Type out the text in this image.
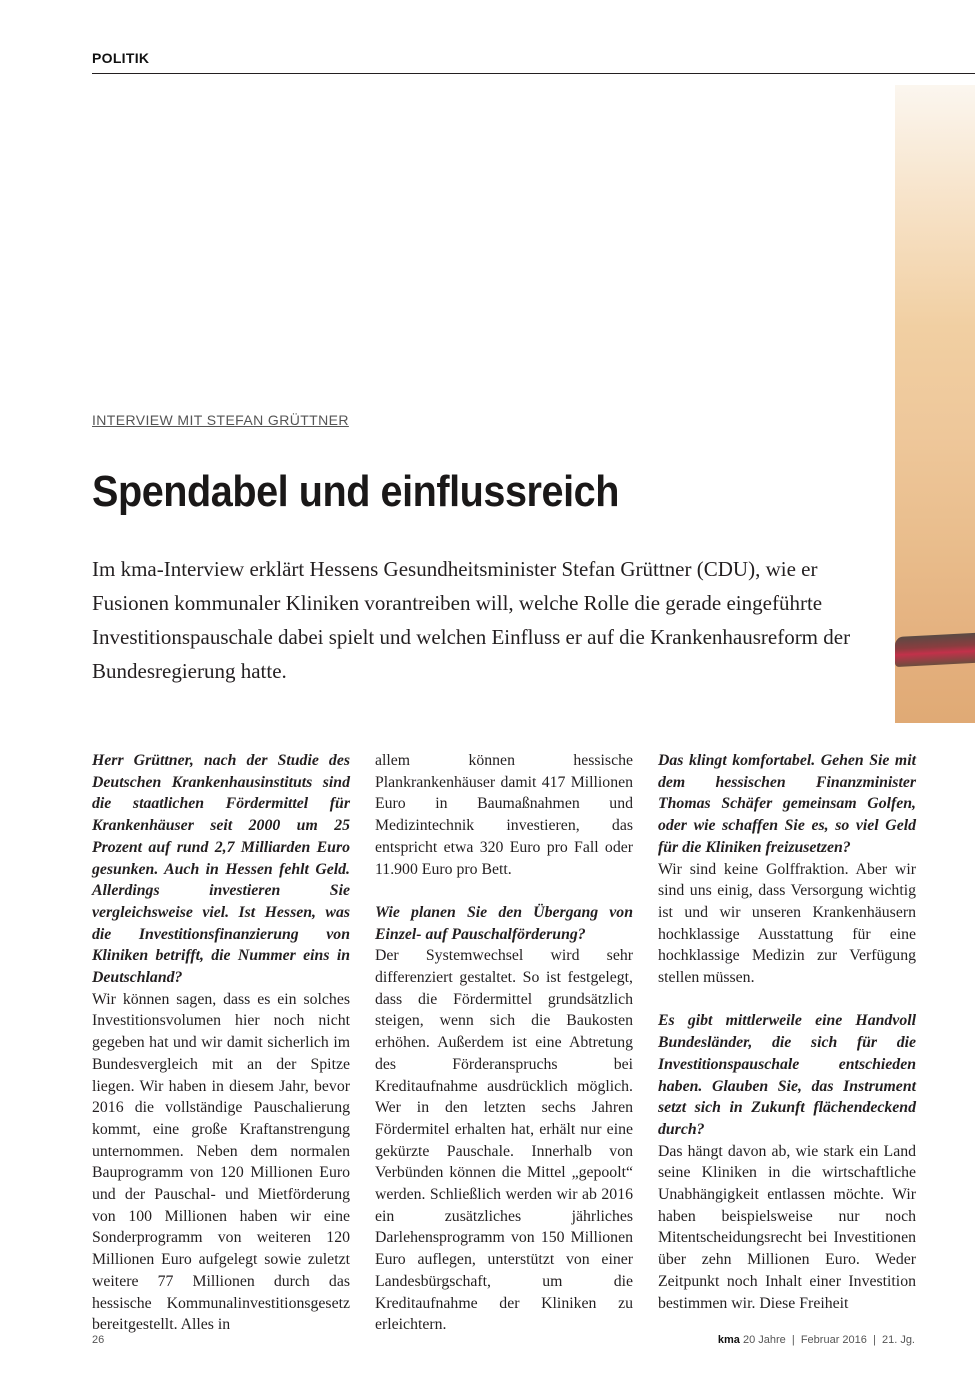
POLITIK
INTERVIEW MIT STEFAN GRÜTTNER
Spendabel und einflussreich

Im kma-Interview erklärt Hessens Gesundheitsminister Stefan Grüttner (CDU), wie er Fusionen kommunaler Kliniken vorantreiben will, welche Rolle die gerade eingeführte Investitionspauschale dabei spielt und welchen Einfluss er auf die Krankenhausreform der Bundesregierung hatte.

Herr Grüttner, nach der Studie des Deutschen Krankenhausinstituts sind die staatlichen Fördermittel für Krankenhäuser seit 2000 um 25 Prozent auf rund 2,7 Milliarden Euro gesunken. Auch in Hessen fehlt Geld. Allerdings investieren Sie vergleichsweise viel. Ist Hessen, was die Investitionsfinanzierung von Kliniken betrifft, die Nummer eins in Deutschland?

Wir können sagen, dass es ein solches Investitionsvolumen hier noch nicht gegeben hat und wir damit sicherlich im Bundesvergleich mit an der Spitze liegen. Wir haben in diesem Jahr, bevor 2016 die vollständige Pauschalierung kommt, eine große Kraftanstrengung unternommen. Neben dem normalen Bauprogramm von 120 Millionen Euro und der Pauschal- und Mietförderung von 100 Millionen haben wir eine Sonderprogramm von weiteren 120 Millionen Euro aufgelegt sowie zuletzt weitere 77 Millionen durch das hessische Kommunalinvestitionsgesetz bereitgestellt. Alles in

allem können hessische Plankrankenhäuser damit 417 Millionen Euro in Baumaßnahmen und Medizintechnik investieren, das entspricht etwa 320 Euro pro Fall oder 11.900 Euro pro Bett.

Wie planen Sie den Übergang von Einzel- auf Pauschalförderung?

Der Systemwechsel wird sehr differenziert gestaltet. So ist festgelegt, dass die Fördermittel grundsätzlich steigen, wenn sich die Baukosten erhöhen. Außerdem ist eine Abtretung des Förderanspruchs bei Kreditaufnahme ausdrücklich möglich. Wer in den letzten sechs Jahren Fördermitel erhalten hat, erhält nur eine gekürzte Pauschale. Innerhalb von Verbünden können die Mittel „gepoolt“ werden. Schließlich werden wir ab 2016 ein zusätzliches jährliches Darlehensprogramm von 150 Millionen Euro auflegen, unterstützt von einer Landesbürgschaft, um die Kreditaufnahme der Kliniken zu erleichtern.

Das klingt komfortabel. Gehen Sie mit dem hessischen Finanzminister Thomas Schäfer gemeinsam Golfen, oder wie schaffen Sie es, so viel Geld für die Kliniken freizusetzen?

Wir sind keine Golffraktion. Aber wir sind uns einig, dass Versorgung wichtig ist und wir unseren Krankenhäusern hochklassige Ausstattung für eine hochklassige Medizin zur Verfügung stellen müssen.

Es gibt mittlerweile eine Handvoll Bundesländer, die sich für die Investitionspauschale entschieden haben. Glauben Sie, das Instrument setzt sich in Zukunft flächendeckend durch?

Das hängt davon ab, wie stark ein Land seine Kliniken in die wirtschaftliche Unabhängigkeit entlassen möchte. Wir haben beispielsweise nur noch Mitentscheidungsrecht bei Investitionen über zehn Millionen Euro. Weder Zeitpunkt noch Inhalt einer Investition bestimmen wir. Diese Freiheit

26	kma 20 Jahre  |  Februar 2016  |  21. Jg.
